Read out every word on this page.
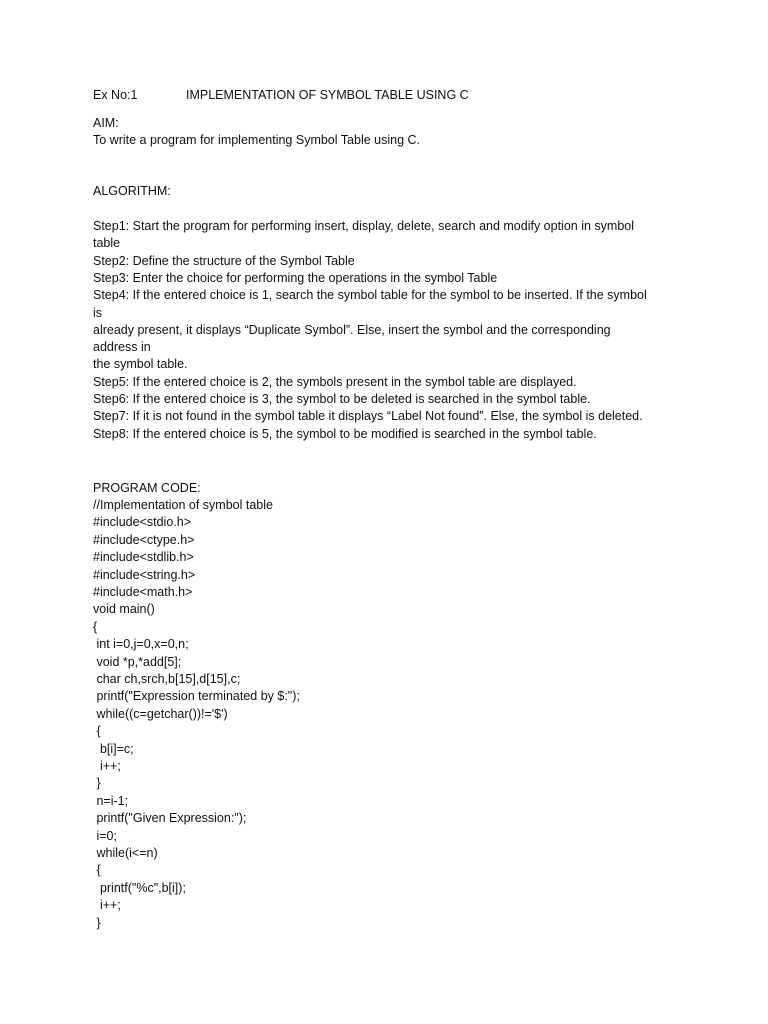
Ex No:1	IMPLEMENTATION OF SYMBOL TABLE USING C
AIM:
To write a program for implementing Symbol Table using C.
ALGORITHM:
Step1: Start the program for performing insert, display, delete, search and modify option in symbol
table
Step2: Define the structure of the Symbol Table
Step3: Enter the choice for performing the operations in the symbol Table
Step4: If the entered choice is 1, search the symbol table for the symbol to be inserted. If the symbol
is
already present, it displays “Duplicate Symbol”. Else, insert the symbol and the corresponding
address in
the symbol table.
Step5: If the entered choice is 2, the symbols present in the symbol table are displayed.
Step6: If the entered choice is 3, the symbol to be deleted is searched in the symbol table.
Step7: If it is not found in the symbol table it displays “Label Not found”. Else, the symbol is deleted.
Step8: If the entered choice is 5, the symbol to be modified is searched in the symbol table.
PROGRAM CODE:
//Implementation of symbol table
#include<stdio.h>
#include<ctype.h>
#include<stdlib.h>
#include<string.h>
#include<math.h>
void main()
{
int i=0,j=0,x=0,n;
void *p,*add[5];
char ch,srch,b[15],d[15],c;
printf("Expression terminated by $:");
while((c=getchar())!='$')
{
b[i]=c;
i++;
}
n=i-1;
printf("Given Expression:");
i=0;
while(i<=n)
{
printf("%c",b[i]);
i++;
}
